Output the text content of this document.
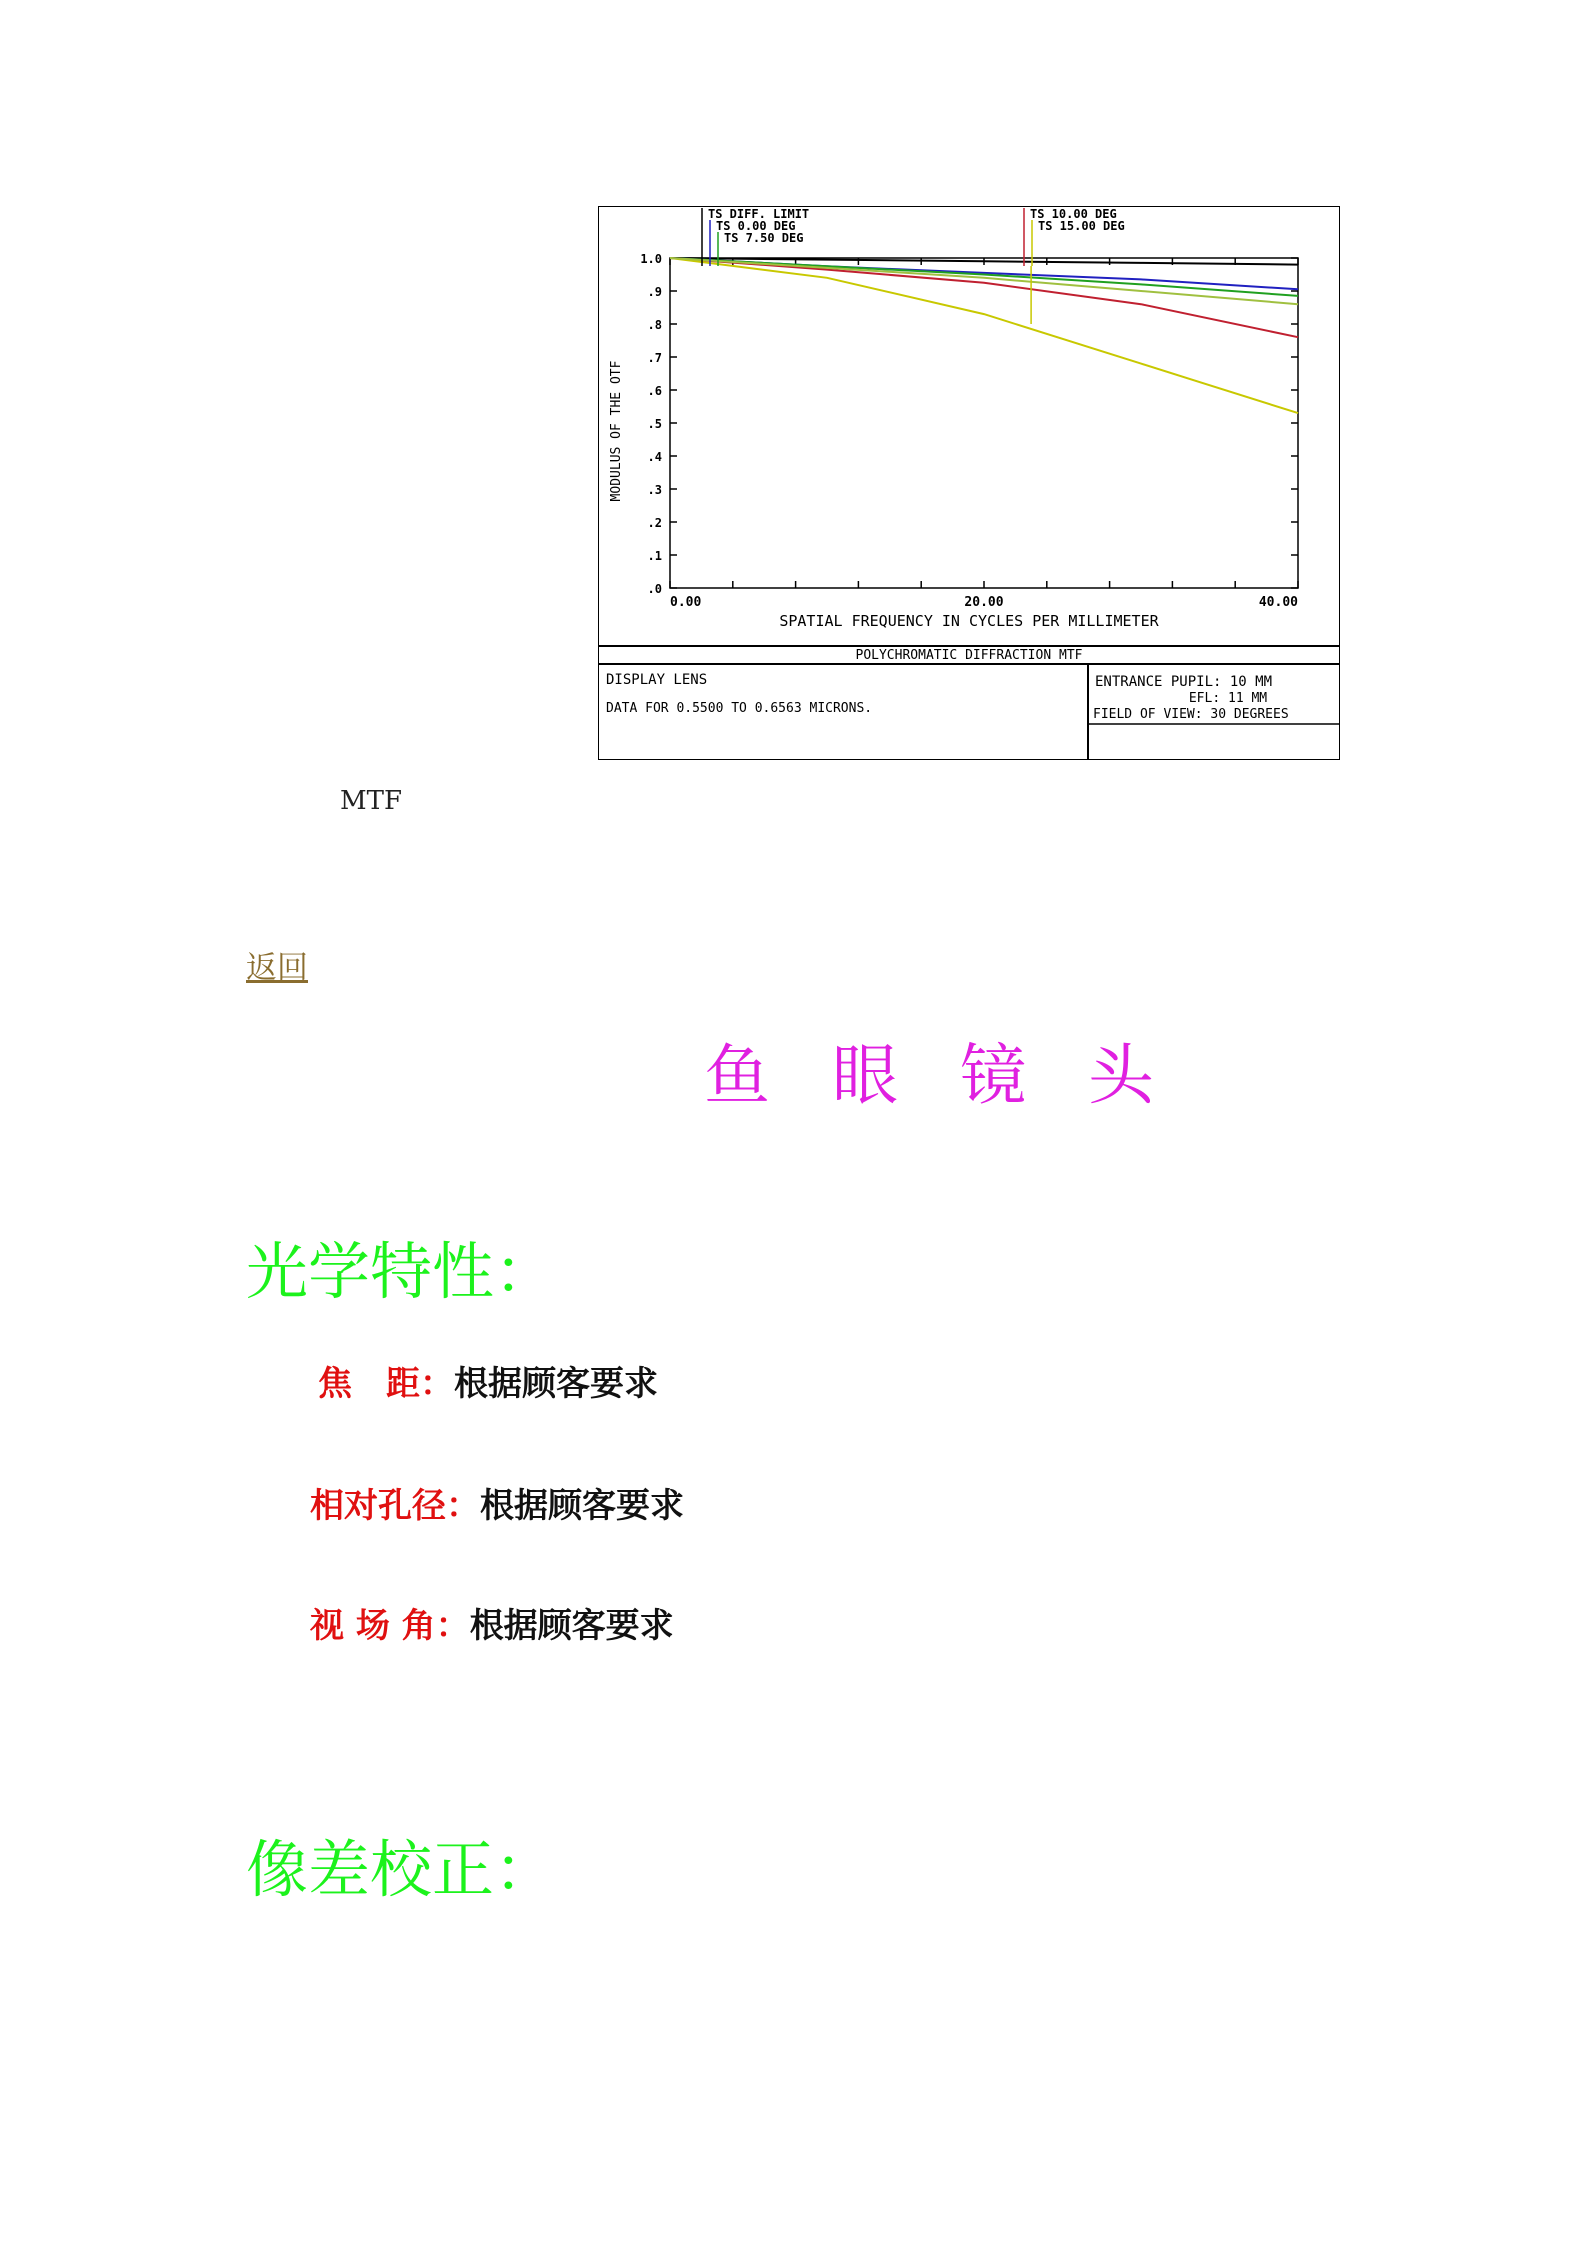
POLYCHROMATIC DIFFRACTION MTF
SPATIAL FREQUENCY IN CYCLES PER MILLIMETER
MODULUS OF THE OTF
.0
.1
.2
.3
.4
.5
.6
.7
.8
.9
1.0
0.00	20.00	40.00
TS DIFF. LIMIT
TS 0.00 DEG
TS 7.50 DEG
TS 10.00 DEG
TS 15.00 DEG
DISPLAY LENS
DATA FOR 0.5500 TO 0.6563 MICRONS.
ENTRANCE PUPIL: 10 MM
EFL: 11 MM
FIELD OF VIEW: 30 DEGREES
MTF
返回
鱼眼镜头
光学特性：
焦　距：根据顾客要求
相对孔径：根据顾客要求
视 场 角：根据顾客要求
像差校正：
